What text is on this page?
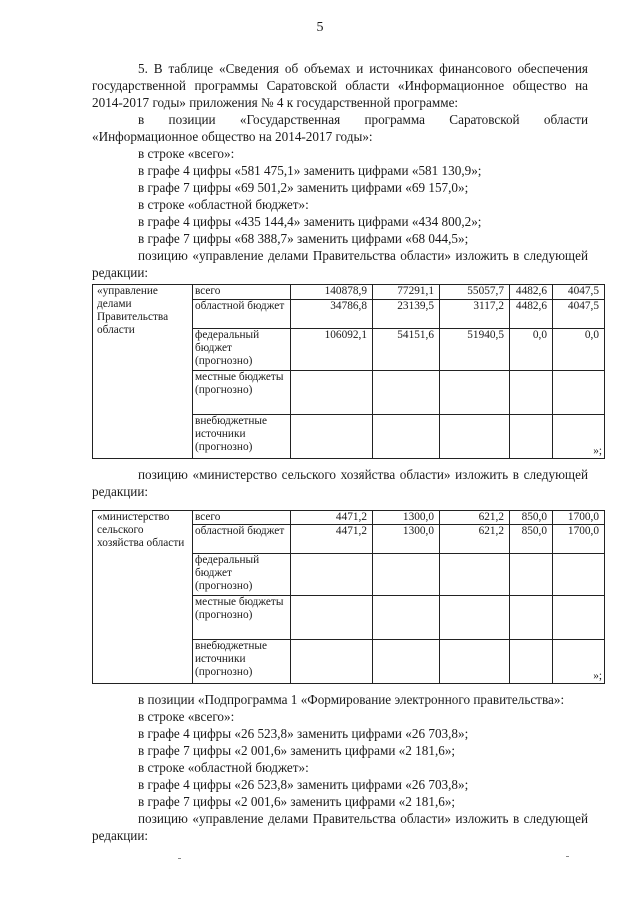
5

5. В таблице «Сведения об объемах и источниках финансового обеспечения государственной программы Саратовской области «Информационное общество на 2014-2017 годы» приложения № 4 к государственной программе:

в позиции «Государственная программа Саратовской области «Информационное общество на 2014-2017 годы»:

в строке «всего»:

в графе 4 цифры «581 475,1» заменить цифрами «581 130,9»;

в графе 7 цифры «69 501,2» заменить цифрами «69 157,0»;

в строке «областной бюджет»:

в графе 4 цифры «435 144,4» заменить цифрами «434 800,2»;

в графе 7 цифры «68 388,7» заменить цифрами «68 044,5»;

позицию «управление делами Правительства области» изложить в следующей редакции:

«управление делами Правительства области	всего	140878,9	77291,1	55057,7	4482,6	4047,5
	областной бюджет	34786,8	23139,5	3117,2	4482,6	4047,5
	федеральный бюджет (прогнозно)	106092,1	54151,6	51940,5	0,0	0,0
	местные бюджеты (прогнозно)					
	внебюджетные источники (прогнозно)					»;

позицию «министерство сельского хозяйства области» изложить в следующей редакции:

«министерство сельского хозяйства области	всего	4471,2	1300,0	621,2	850,0	1700,0
	областной бюджет	4471,2	1300,0	621,2	850,0	1700,0
	федеральный бюджет (прогнозно)					
	местные бюджеты (прогнозно)					
	внебюджетные источники (прогнозно)					»;

в позиции «Подпрограмма 1 «Формирование электронного правительства»:

в строке «всего»:

в графе 4 цифры «26 523,8» заменить цифрами «26 703,8»;

в графе 7 цифры «2 001,6» заменить цифрами «2 181,6»;

в строке «областной бюджет»:

в графе 4 цифры «26 523,8» заменить цифрами «26 703,8»;

в графе 7 цифры «2 001,6» заменить цифрами «2 181,6»;

позицию «управление делами Правительства области» изложить в следующей редакции:
